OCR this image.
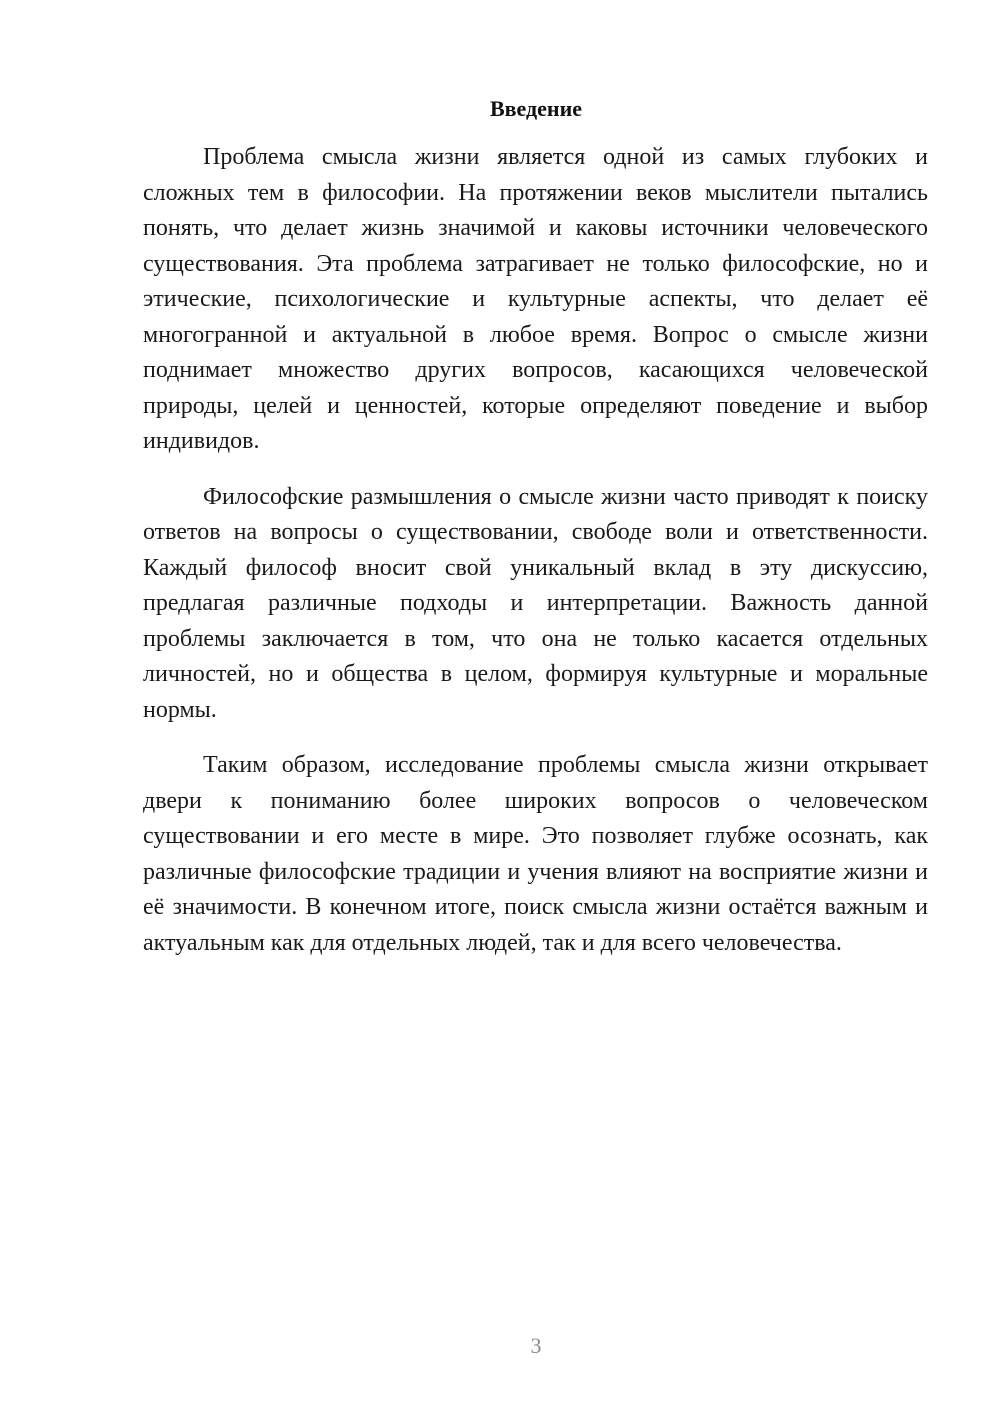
Введение

Проблема смысла жизни является одной из самых глубоких и сложных тем в философии. На протяжении веков мыслители пытались понять, что делает жизнь значимой и каковы источники человеческого существования. Эта проблема затрагивает не только философские, но и этические, психологические и культурные аспекты, что делает её многогранной и актуальной в любое время. Вопрос о смысле жизни поднимает множество других вопросов, касающихся человеческой природы, целей и ценностей, которые определяют поведение и выбор индивидов.

Философские размышления о смысле жизни часто приводят к поиску ответов на вопросы о существовании, свободе воли и ответственности. Каждый философ вносит свой уникальный вклад в эту дискуссию, предлагая различные подходы и интерпретации. Важность данной проблемы заключается в том, что она не только касается отдельных личностей, но и общества в целом, формируя культурные и моральные нормы.

Таким образом, исследование проблемы смысла жизни открывает двери к пониманию более широких вопросов о человеческом существовании и его месте в мире. Это позволяет глубже осознать, как различные философские традиции и учения влияют на восприятие жизни и её значимости. В конечном итоге, поиск смысла жизни остаётся важным и актуальным как для отдельных людей, так и для всего человечества.

3
